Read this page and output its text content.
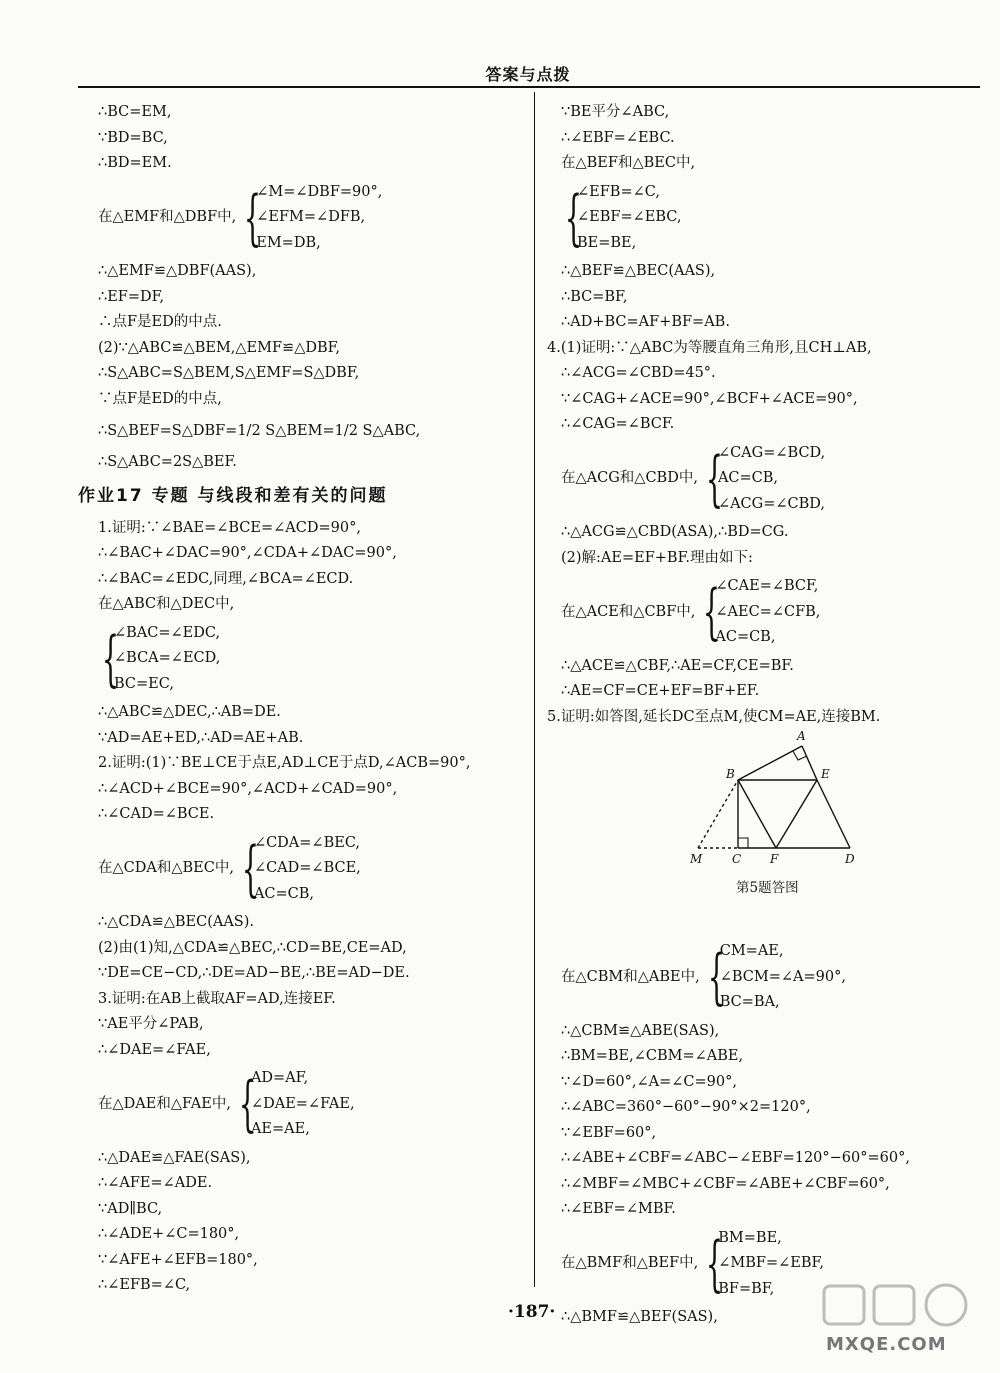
答案与点拨
∴BC=EM,
∵BD=BC,
∴BD=EM.
在△EMF和△DBF中, {
∠M=∠DBF=90°,
∠EFM=∠DFB,
EM=DB,
∴△EMF≌△DBF(AAS),
∴EF=DF,
∴点F是ED的中点.
(2)∵△ABC≌△BEM,△EMF≌△DBF,
∴S△ABC=S△BEM,S△EMF=S△DBF,
∵点F是ED的中点,
∴S△BEF=S△DBF=1/2 S△BEM=1/2 S△ABC,
∴S△ABC=2S△BEF.
作业17 专题 与线段和差有关的问题
1.证明:∵∠BAE=∠BCE=∠ACD=90°,
∴∠BAC+∠DAC=90°,∠CDA+∠DAC=90°,
∴∠BAC=∠EDC,同理,∠BCA=∠ECD.
在△ABC和△DEC中,
{
∠BAC=∠EDC,
∠BCA=∠ECD,
BC=EC,
∴△ABC≌△DEC,∴AB=DE.
∵AD=AE+ED,∴AD=AE+AB.
2.证明:(1)∵BE⊥CE于点E,AD⊥CE于点D,∠ACB=90°,
∴∠ACD+∠BCE=90°,∠ACD+∠CAD=90°,
∴∠CAD=∠BCE.
在△CDA和△BEC中, {
∠CDA=∠BEC,
∠CAD=∠BCE,
AC=CB,
∴△CDA≌△BEC(AAS).
(2)由(1)知,△CDA≌△BEC,∴CD=BE,CE=AD,
∵DE=CE−CD,∴DE=AD−BE,∴BE=AD−DE.
3.证明:在AB上截取AF=AD,连接EF.
∵AE平分∠PAB,
∴∠DAE=∠FAE,
在△DAE和△FAE中, {
AD=AF,
∠DAE=∠FAE,
AE=AE,
∴△DAE≌△FAE(SAS),
∴∠AFE=∠ADE.
∵AD∥BC,
∴∠ADE+∠C=180°,
∵∠AFE+∠EFB=180°,
∴∠EFB=∠C,
∵BE平分∠ABC,
∴∠EBF=∠EBC.
在△BEF和△BEC中,
{
∠EFB=∠C,
∠EBF=∠EBC,
BE=BE,
∴△BEF≌△BEC(AAS),
∴BC=BF,
∴AD+BC=AF+BF=AB.
4.(1)证明:∵△ABC为等腰直角三角形,且CH⊥AB,
∴∠ACG=∠CBD=45°.
∵∠CAG+∠ACE=90°,∠BCF+∠ACE=90°,
∴∠CAG=∠BCF.
在△ACG和△CBD中, {
∠CAG=∠BCD,
AC=CB,
∠ACG=∠CBD,
∴△ACG≌△CBD(ASA),∴BD=CG.
(2)解:AE=EF+BF.理由如下:
在△ACE和△CBF中, {
∠CAE=∠BCF,
∠AEC=∠CFB,
AC=CB,
∴△ACE≌△CBF,∴AE=CF,CE=BF.
∴AE=CF=CE+EF=BF+EF.
5.证明:如答图,延长DC至点M,使CM=AE,连接BM.
在△CBM和△ABE中, {
CM=AE,
∠BCM=∠A=90°,
BC=BA,
∴△CBM≌△ABE(SAS),
∴BM=BE,∠CBM=∠ABE,
∵∠D=60°,∠A=∠C=90°,
∴∠ABC=360°−60°−90°×2=120°,
∵∠EBF=60°,
∴∠ABE+∠CBF=∠ABC−∠EBF=120°−60°=60°,
∴∠MBF=∠MBC+∠CBF=∠ABE+∠CBF=60°,
∴∠EBF=∠MBF.
在△BMF和△BEF中, {
BM=BE,
∠MBF=∠EBF,
BF=BF,
∴△BMF≌△BEF(SAS),
A
B	E
M C F	D
第5题答图
·187·
MXQE.COM
